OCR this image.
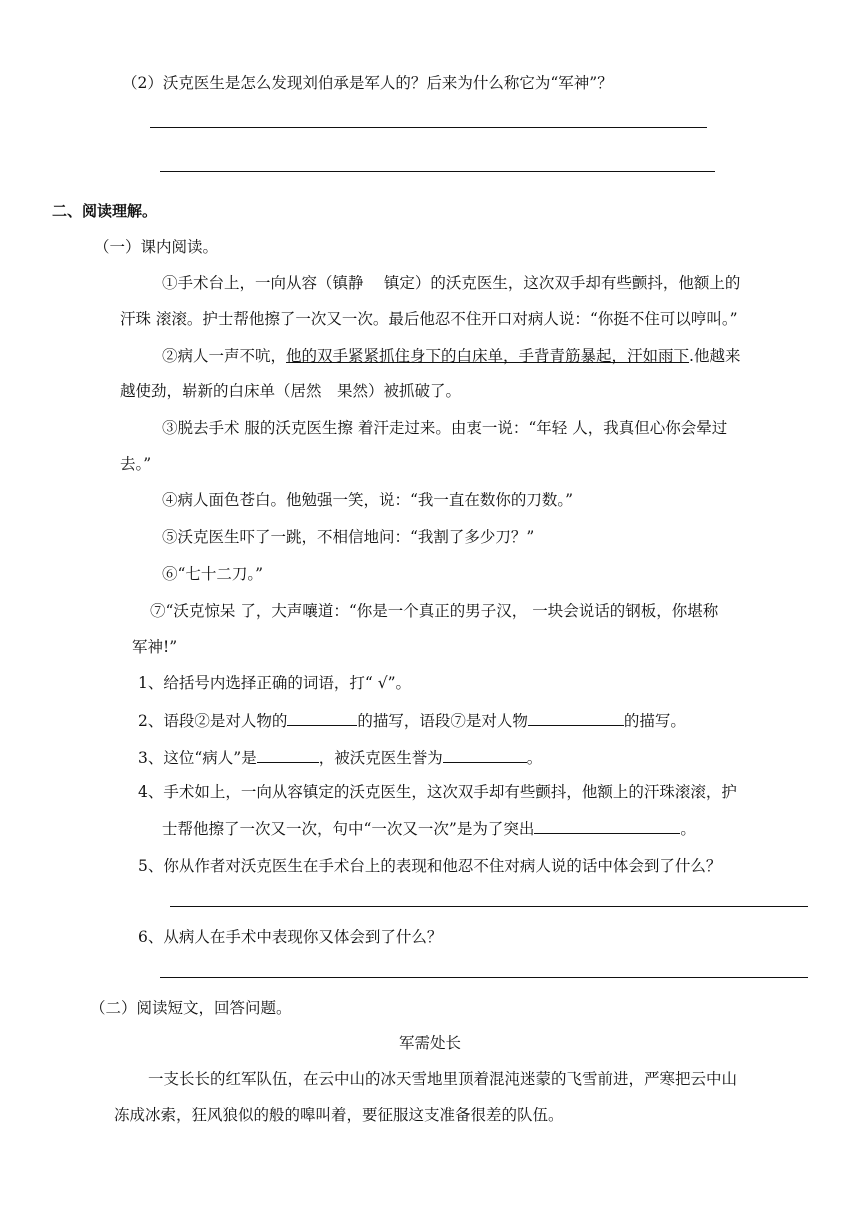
（2）沃克医生是怎么发现刘伯承是军人的？后来为什么称它为“军神”？
二、阅读理解。
（一）课内阅读。
①手术台上，一向从容（镇静　 镇定）的沃克医生，这次双手却有些颤抖，他额上的
汗珠 滚滚。护士帮他擦了一次又一次。最后他忍不住开口对病人说：“你挺不住可以哼叫。”
②病人一声不吭，他的双手紧紧抓住身下的白床单，手背青筋暴起，汗如雨下.他越来
越使劲，崭新的白床单（居然　果然）被抓破了。
③脱去手术 服的沃克医生擦 着汗走过来。由衷一说：“年轻 人，我真但心你会晕过
去。”
④病人面色苍白。他勉强一笑，说：“我一直在数你的刀数。”
⑤沃克医生吓了一跳，不相信地问：“我割了多少刀？”
⑥“七十二刀。”
⑦“沃克惊呆 了，大声嚷道：“你是一个真正的男子汉， 一块会说话的钢板，你堪称
军神!”
1、给括号内选择正确的词语，打“ √”。
2、语段②是对人物的	的描写，语段⑦是对人物	的描写。
3、这位“病人”是	，被沃克医生誉为	。
4、手术如上，一向从容镇定的沃克医生，这次双手却有些颤抖，他额上的汗珠滚滚，护
士帮他擦了一次又一次，句中“一次又一次”是为了突出	。
5、你从作者对沃克医生在手术台上的表现和他忍不住对病人说的话中体会到了什么？
6、从病人在手术中表现你又体会到了什么？
（二）阅读短文，回答问题。
军需处长
一支长长的红军队伍，在云中山的冰天雪地里顶着混沌迷蒙的飞雪前进，严寒把云中山
冻成冰索，狂风狼似的般的嗥叫着，要征服这支准备很差的队伍。
